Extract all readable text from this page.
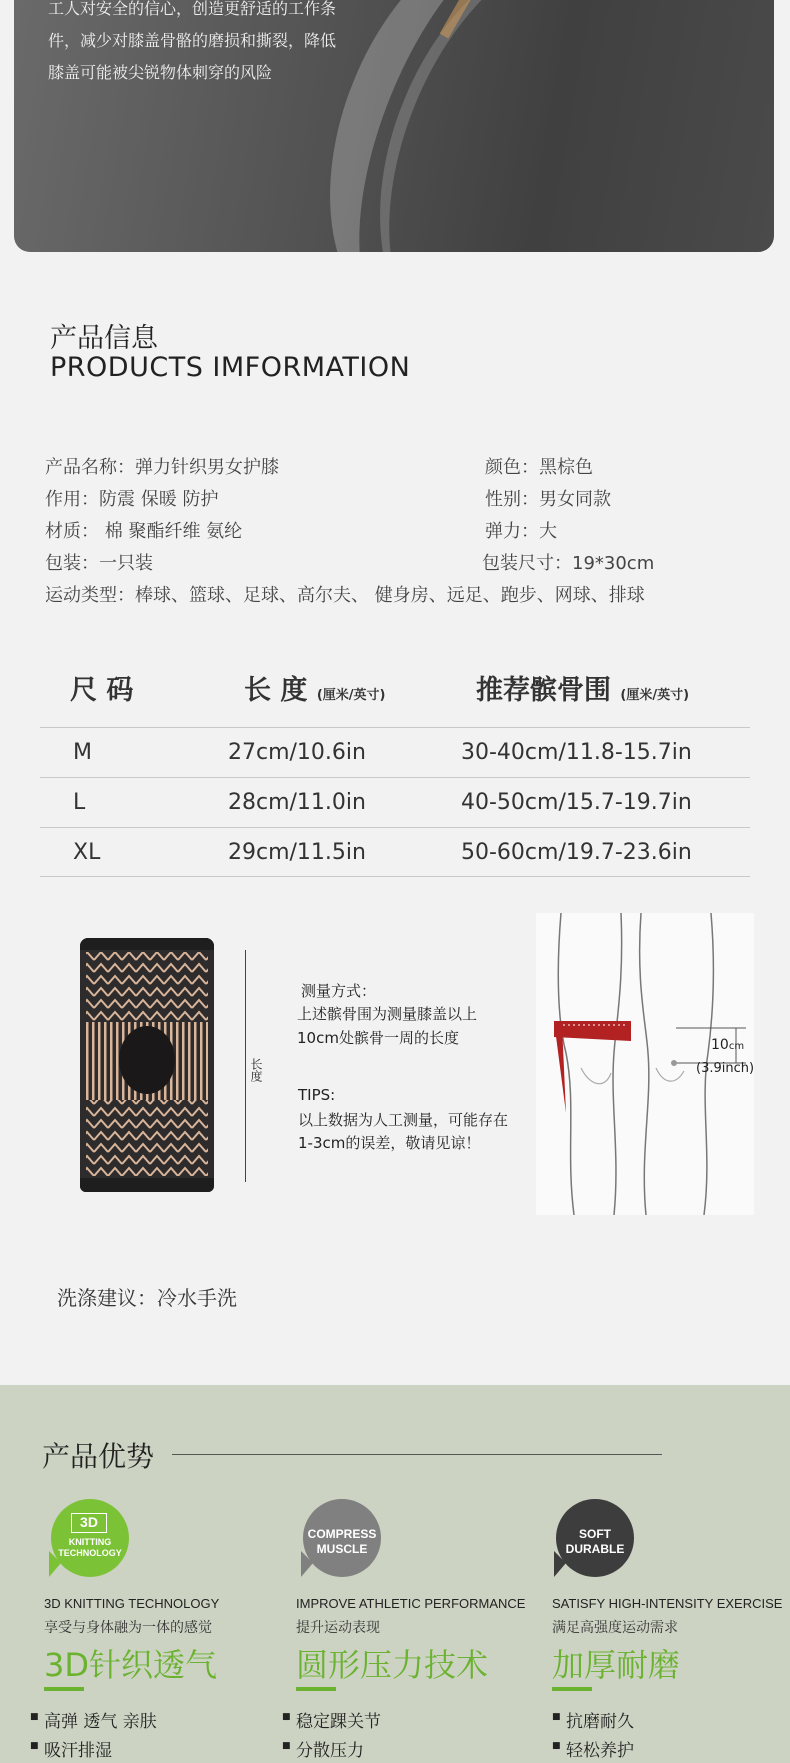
工人对安全的信心，创造更舒适的工作条
件，减少对膝盖骨骼的磨损和撕裂，降低
膝盖可能被尖锐物体刺穿的风险
产品信息
PRODUCTS IMFORMATION
产品名称：弹力针织男女护膝	颜色：黑棕色
作用：防震 保暖 防护	性别：男女同款
材质： 棉 聚酯纤维 氨纶	弹力：大
包装：一只装	包装尺寸：19*30cm
运动类型：棒球、篮球、足球、高尔夫、 健身房、远足、跑步、网球、排球
尺 码	长 度 (厘米/英寸)	推荐髌骨围 (厘米/英寸)
M	27cm/10.6in	30-40cm/11.8-15.7in
L	28cm/11.0in	40-50cm/15.7-19.7in
XL	29cm/11.5in	50-60cm/19.7-23.6in
长度
测量方式：
上述髌骨围为测量膝盖以上
10cm处髌骨一周的长度
TIPS:
以上数据为人工测量，可能存在
1-3cm的误差，敬请见谅！
10cm
(3.9inch)
洗涤建议：冷水手洗
产品优势
3D
KNITTING
TECHNOLOGY
COMPRESS
MUSCLE
SOFT
DURABLE
3D KNITTING TECHNOLOGY	IMPROVE ATHLETIC PERFORMANCE SATISFY HIGH-INTENSITY EXERCISE
享受与身体融为一体的感觉	提升运动表现	满足高强度运动需求
3D针织透气 圆形压力技术 加厚耐磨
■ 高弹 透气 亲肤
■ 吸汗排湿
■ 稳定踝关节
■ 分散压力
■ 抗磨耐久
■ 轻松养护
